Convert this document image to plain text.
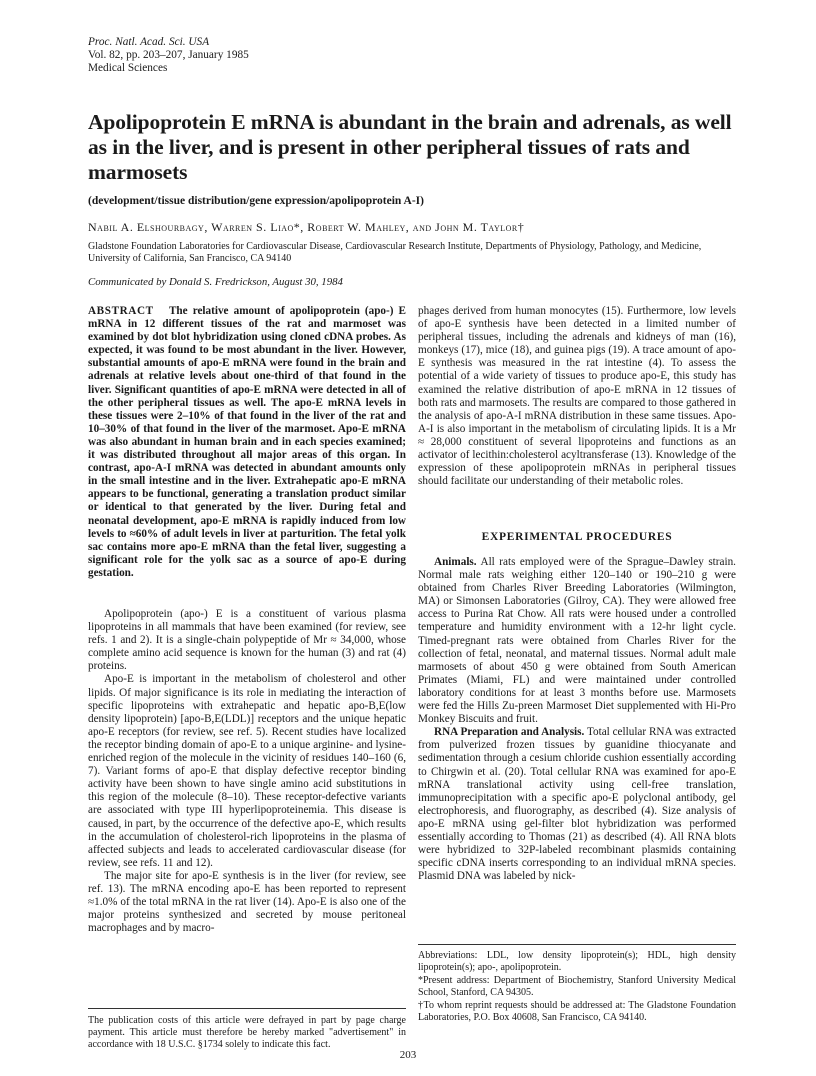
Proc. Natl. Acad. Sci. USA
Vol. 82, pp. 203–207, January 1985
Medical Sciences
Apolipoprotein E mRNA is abundant in the brain and adrenals, as well as in the liver, and is present in other peripheral tissues of rats and marmosets
(development/tissue distribution/gene expression/apolipoprotein A-I)
Nabil A. Elshourbagy, Warren S. Liao*, Robert W. Mahley, and John M. Taylor†
Gladstone Foundation Laboratories for Cardiovascular Disease, Cardiovascular Research Institute, Departments of Physiology, Pathology, and Medicine, University of California, San Francisco, CA 94140
Communicated by Donald S. Fredrickson, August 30, 1984
ABSTRACT The relative amount of apolipoprotein (apo-) E mRNA in 12 different tissues of the rat and marmoset was examined by dot blot hybridization using cloned cDNA probes. As expected, it was found to be most abundant in the liver. However, substantial amounts of apo-E mRNA were found in the brain and adrenals at relative levels about one-third of that found in the liver. Significant quantities of apo-E mRNA were detected in all of the other peripheral tissues as well. The apo-E mRNA levels in these tissues were 2–10% of that found in the liver of the rat and 10–30% of that found in the liver of the marmoset. Apo-E mRNA was also abundant in human brain and in each species examined; it was distributed throughout all major areas of this organ. In contrast, apo-A-I mRNA was detected in abundant amounts only in the small intestine and in the liver. Extrahepatic apo-E mRNA appears to be functional, generating a translation product similar or identical to that generated by the liver. During fetal and neonatal development, apo-E mRNA is rapidly induced from low levels to ≈60% of adult levels in liver at parturition. The fetal yolk sac contains more apo-E mRNA than the fetal liver, suggesting a significant role for the yolk sac as a source of apo-E during gestation.

Apolipoprotein (apo-) E is a constituent of various plasma lipoproteins in all mammals that have been examined (for review, see refs. 1 and 2). It is a single-chain polypeptide of Mr ≈ 34,000, whose complete amino acid sequence is known for the human (3) and rat (4) proteins.

Apo-E is important in the metabolism of cholesterol and other lipids. Of major significance is its role in mediating the interaction of specific lipoproteins with extrahepatic and hepatic apo-B,E(low density lipoprotein) [apo-B,E(LDL)] receptors and the unique hepatic apo-E receptors (for review, see ref. 5). Recent studies have localized the receptor binding domain of apo-E to a unique arginine- and lysine-enriched region of the molecule in the vicinity of residues 140–160 (6, 7). Variant forms of apo-E that display defective receptor binding activity have been shown to have single amino acid substitutions in this region of the molecule (8–10). These receptor-defective variants are associated with type III hyperlipoproteinemia. This disease is caused, in part, by the occurrence of the defective apo-E, which results in the accumulation of cholesterol-rich lipoproteins in the plasma of affected subjects and leads to accelerated cardiovascular disease (for review, see refs. 11 and 12).

The major site for apo-E synthesis is in the liver (for review, see ref. 13). The mRNA encoding apo-E has been reported to represent ≈1.0% of the total mRNA in the rat liver (14). Apo-E is also one of the major proteins synthesized and secreted by mouse peritoneal macrophages and by macro-

The publication costs of this article were defrayed in part by page charge payment. This article must therefore be hereby marked "advertisement" in accordance with 18 U.S.C. §1734 solely to indicate this fact.

phages derived from human monocytes (15). Furthermore, low levels of apo-E synthesis have been detected in a limited number of peripheral tissues, including the adrenals and kidneys of man (16), monkeys (17), mice (18), and guinea pigs (19). A trace amount of apo-E synthesis was measured in the rat intestine (4). To assess the potential of a wide variety of tissues to produce apo-E, this study has examined the relative distribution of apo-E mRNA in 12 tissues of both rats and marmosets. The results are compared to those gathered in the analysis of apo-A-I mRNA distribution in these same tissues. Apo-A-I is also important in the metabolism of circulating lipids. It is a Mr ≈ 28,000 constituent of several lipoproteins and functions as an activator of lecithin:cholesterol acyltransferase (13). Knowledge of the expression of these apolipoprotein mRNAs in peripheral tissues should facilitate our understanding of their metabolic roles.

EXPERIMENTAL PROCEDURES

Animals. All rats employed were of the Sprague–Dawley strain. Normal male rats weighing either 120–140 or 190–210 g were obtained from Charles River Breeding Laboratories (Wilmington, MA) or Simonsen Laboratories (Gilroy, CA). They were allowed free access to Purina Rat Chow. All rats were housed under a controlled temperature and humidity environment with a 12-hr light cycle. Timed-pregnant rats were obtained from Charles River for the collection of fetal, neonatal, and maternal tissues. Normal adult male marmosets of about 450 g were obtained from South American Primates (Miami, FL) and were maintained under controlled laboratory conditions for at least 3 months before use. Marmosets were fed the Hills Zu-preen Marmoset Diet supplemented with Hi-Pro Monkey Biscuits and fruit.

RNA Preparation and Analysis. Total cellular RNA was extracted from pulverized frozen tissues by guanidine thiocyanate and sedimentation through a cesium chloride cushion essentially according to Chirgwin et al. (20). Total cellular RNA was examined for apo-E mRNA translational activity using cell-free translation, immunoprecipitation with a specific apo-E polyclonal antibody, gel electrophoresis, and fluorography, as described (4). Size analysis of apo-E mRNA using gel-filter blot hybridization was performed essentially according to Thomas (21) as described (4). All RNA blots were hybridized to 32P-labeled recombinant plasmids containing specific cDNA inserts corresponding to an individual mRNA species. Plasmid DNA was labeled by nick-

Abbreviations: LDL, low density lipoprotein(s); HDL, high density lipoprotein(s); apo-, apolipoprotein.

*Present address: Department of Biochemistry, Stanford University Medical School, Stanford, CA 94305.

†To whom reprint requests should be addressed at: The Gladstone Foundation Laboratories, P.O. Box 40608, San Francisco, CA 94140.

203
